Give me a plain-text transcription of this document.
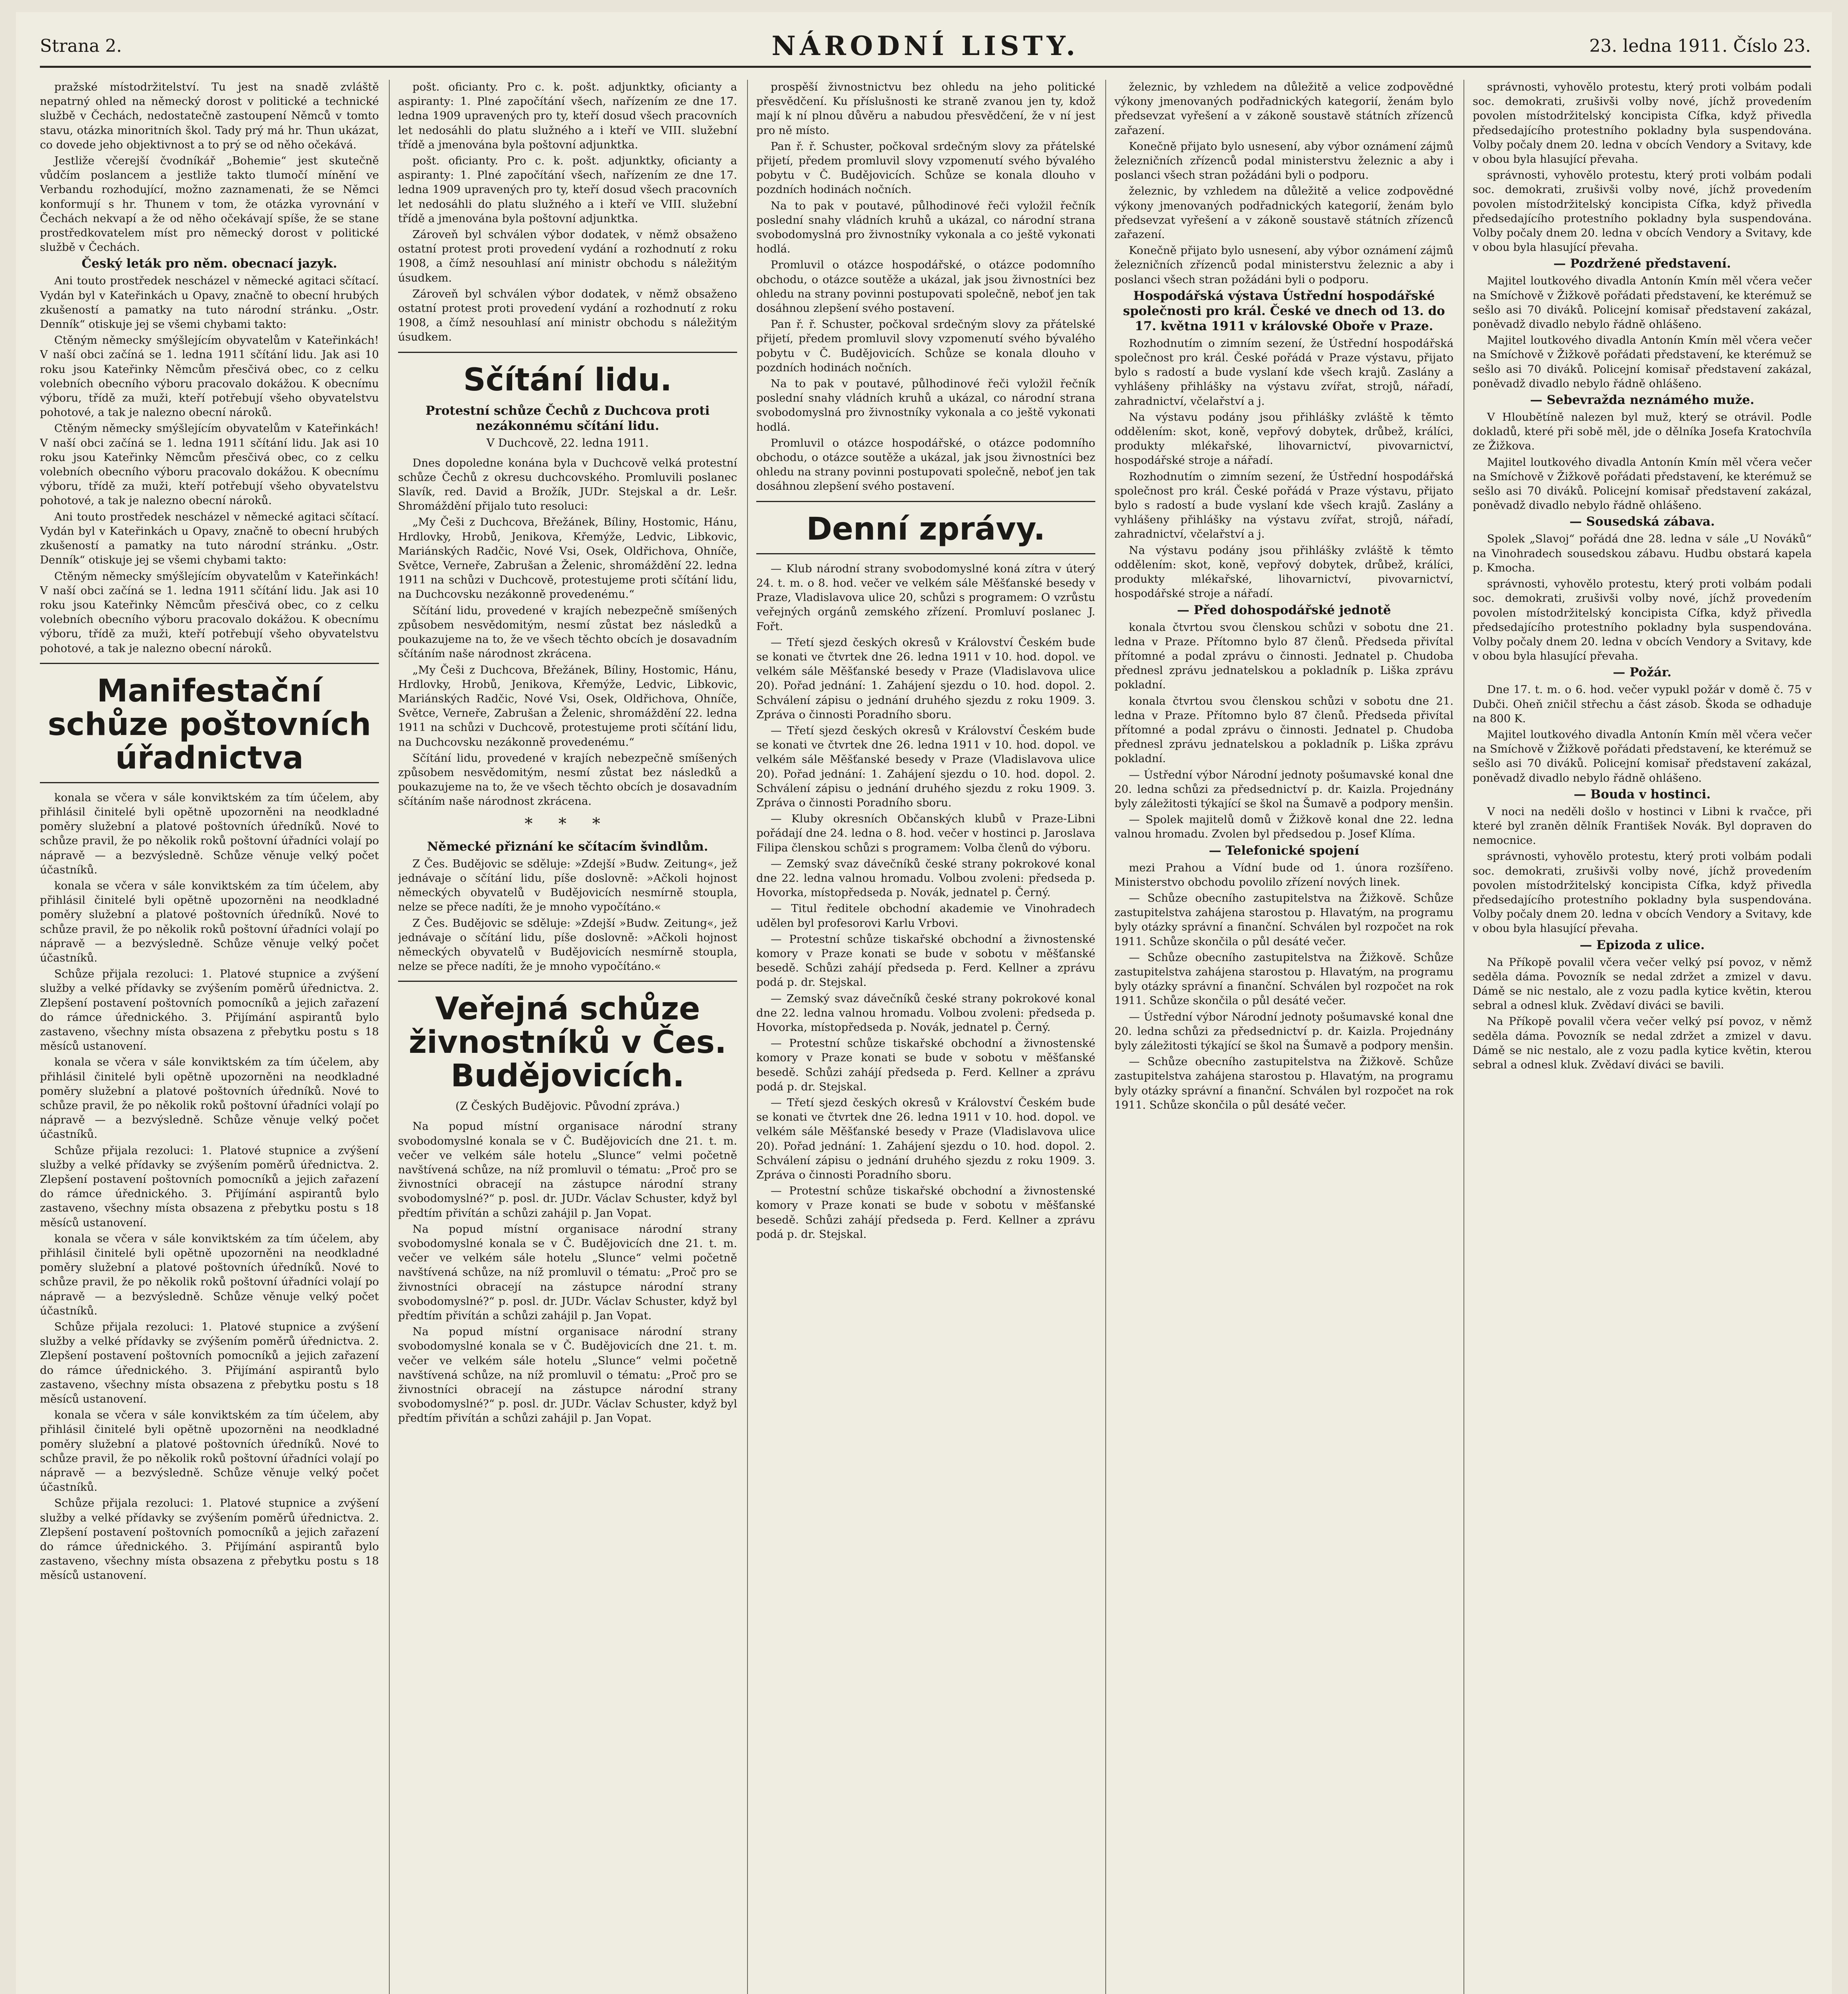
Strana 2.	NÁRODNÍ LISTY.	23. ledna 1911. Číslo 23.

pražské místodržitelství. Tu jest na snadě zvláště nepatrný ohled na německý dorost v politické a technické službě v Čechách, nedostatečně zastoupení Němců v tomto stavu, otázka minoritních škol. Tady prý má hr. Thun ukázat, co dovede jeho objektivnost a to prý se od něho očekává.

Jestliže včerejší čvodníkář „Bohemie“ jest skutečně vůdčím poslancem a jestliže takto tlumočí mínění ve Verbandu rozhodující, možno zaznamenati, že se Němci konformují s hr. Thunem v tom, že otázka vyrovnání v Čechách nekvapí a že od něho očekávají spíše, že se stane prostředkovatelem míst pro německý dorost v politické službě v Čechách.

Český leták pro něm. obecnací jazyk.

Ani touto prostředek nescházel v německé agitaci sčítací. Vydán byl v Kateřinkách u Opavy, značně to obecní hrubých zkušeností a pamatky na tuto národní stránku. „Ostr. Denník“ otiskuje jej se všemi chybami takto:

Ctěným německy smýšlejícím obyvatelům v Kateřinkách! V naší obci začíná se 1. ledna 1911 sčítání lidu. Jak asi 10 roku jsou Kateřinky Němcům přesčivá obec, co z celku volebních obecního výboru pracovalo dokážou. K obecnímu výboru, třídě za muži, kteří potřebují všeho obyvatelstvu pohotové, a tak je nalezno obecní nároků.

Ctěným německy smýšlejícím obyvatelům v Kateřinkách! V naší obci začíná se 1. ledna 1911 sčítání lidu. Jak asi 10 roku jsou Kateřinky Němcům přesčivá obec, co z celku volebních obecního výboru pracovalo dokážou. K obecnímu výboru, třídě za muži, kteří potřebují všeho obyvatelstvu pohotové, a tak je nalezno obecní nároků.

Ani touto prostředek nescházel v německé agitaci sčítací. Vydán byl v Kateřinkách u Opavy, značně to obecní hrubých zkušeností a pamatky na tuto národní stránku. „Ostr. Denník“ otiskuje jej se všemi chybami takto:

Ctěným německy smýšlejícím obyvatelům v Kateřinkách! V naší obci začíná se 1. ledna 1911 sčítání lidu. Jak asi 10 roku jsou Kateřinky Němcům přesčivá obec, co z celku volebních obecního výboru pracovalo dokážou. K obecnímu výboru, třídě za muži, kteří potřebují všeho obyvatelstvu pohotové, a tak je nalezno obecní nároků.

Manifestační schůze poštovních úřadnictva

konala se včera v sále konviktském za tím účelem, aby přihlásil činitelé byli opětně upozorněni na neodkladné poměry služební a platové poštovních úředníků. Nové to schůze pravil, že po několik roků poštovní úřadníci volají po nápravě — a bezvýsledně. Schůze věnuje velký počet účastníků.

konala se včera v sále konviktském za tím účelem, aby přihlásil činitelé byli opětně upozorněni na neodkladné poměry služební a platové poštovních úředníků. Nové to schůze pravil, že po několik roků poštovní úřadníci volají po nápravě — a bezvýsledně. Schůze věnuje velký počet účastníků.

Schůze přijala rezoluci: 1. Platové stupnice a zvýšení služby a velké přídavky se zvýšením poměrů úřednictva. 2. Zlepšení postavení poštovních pomocníků a jejich zařazení do rámce úřednického. 3. Přijímání aspirantů bylo zastaveno, všechny místa obsazena z přebytku postu s 18 měsíců ustanovení.

konala se včera v sále konviktském za tím účelem, aby přihlásil činitelé byli opětně upozorněni na neodkladné poměry služební a platové poštovních úředníků. Nové to schůze pravil, že po několik roků poštovní úřadníci volají po nápravě — a bezvýsledně. Schůze věnuje velký počet účastníků.

Schůze přijala rezoluci: 1. Platové stupnice a zvýšení služby a velké přídavky se zvýšením poměrů úřednictva. 2. Zlepšení postavení poštovních pomocníků a jejich zařazení do rámce úřednického. 3. Přijímání aspirantů bylo zastaveno, všechny místa obsazena z přebytku postu s 18 měsíců ustanovení.

konala se včera v sále konviktském za tím účelem, aby přihlásil činitelé byli opětně upozorněni na neodkladné poměry služební a platové poštovních úředníků. Nové to schůze pravil, že po několik roků poštovní úřadníci volají po nápravě — a bezvýsledně. Schůze věnuje velký počet účastníků.

Schůze přijala rezoluci: 1. Platové stupnice a zvýšení služby a velké přídavky se zvýšením poměrů úřednictva. 2. Zlepšení postavení poštovních pomocníků a jejich zařazení do rámce úřednického. 3. Přijímání aspirantů bylo zastaveno, všechny místa obsazena z přebytku postu s 18 měsíců ustanovení.

konala se včera v sále konviktském za tím účelem, aby přihlásil činitelé byli opětně upozorněni na neodkladné poměry služební a platové poštovních úředníků. Nové to schůze pravil, že po několik roků poštovní úřadníci volají po nápravě — a bezvýsledně. Schůze věnuje velký počet účastníků.

Schůze přijala rezoluci: 1. Platové stupnice a zvýšení služby a velké přídavky se zvýšením poměrů úřednictva. 2. Zlepšení postavení poštovních pomocníků a jejich zařazení do rámce úřednického. 3. Přijímání aspirantů bylo zastaveno, všechny místa obsazena z přebytku postu s 18 měsíců ustanovení.

pošt. oficianty. Pro c. k. pošt. adjunktky, oficianty a aspiranty: 1. Plné započítání všech, nařízením ze dne 17. ledna 1909 upravených pro ty, kteří dosud všech pracovních let nedosáhli do platu služného a i kteří ve VIII. služební třídě a jmenována byla poštovní adjunktka.

pošt. oficianty. Pro c. k. pošt. adjunktky, oficianty a aspiranty: 1. Plné započítání všech, nařízením ze dne 17. ledna 1909 upravených pro ty, kteří dosud všech pracovních let nedosáhli do platu služného a i kteří ve VIII. služební třídě a jmenována byla poštovní adjunktka.

Zároveň byl schválen výbor dodatek, v němž obsaženo ostatní protest proti provedení vydání a rozhodnutí z roku 1908, a čímž nesouhlasí aní ministr obchodu s náležitým úsudkem.

Zároveň byl schválen výbor dodatek, v němž obsaženo ostatní protest proti provedení vydání a rozhodnutí z roku 1908, a čímž nesouhlasí aní ministr obchodu s náležitým úsudkem.

Sčítání lidu.
Protestní schůze Čechů z Duchcova proti nezákonnému sčítání lidu.
V Duchcově, 22. ledna 1911.

Dnes dopoledne konána byla v Duchcově velká protestní schůze Čechů z okresu duchcovského. Promluvili poslanec Slavík, red. David a Brožík, JUDr. Stejskal a dr. Lešr. Shromáždění přijalo tuto resoluci:

„My Češi z Duchcova, Břežánek, Bíliny, Hostomic, Hánu, Hrdlovky, Hrobů, Jenikova, Křemýže, Ledvic, Libkovic, Mariánských Radčic, Nové Vsi, Osek, Oldřichova, Ohníče, Světce, Verneře, Zabrušan a Želenic, shromáždění 22. ledna 1911 na schůzi v Duchcově, protestujeme proti sčítání lidu, na Duchcovsku nezákonně provedenému.“

Sčítání lidu, provedené v krajích nebezpečně smíšených způsobem nesvědomitým, nesmí zůstat bez následků a poukazujeme na to, že ve všech těchto obcích je dosavadním sčítáním naše národnost zkrácena.

„My Češi z Duchcova, Břežánek, Bíliny, Hostomic, Hánu, Hrdlovky, Hrobů, Jenikova, Křemýže, Ledvic, Libkovic, Mariánských Radčic, Nové Vsi, Osek, Oldřichova, Ohníče, Světce, Verneře, Zabrušan a Želenic, shromáždění 22. ledna 1911 na schůzi v Duchcově, protestujeme proti sčítání lidu, na Duchcovsku nezákonně provedenému.“

Sčítání lidu, provedené v krajích nebezpečně smíšených způsobem nesvědomitým, nesmí zůstat bez následků a poukazujeme na to, že ve všech těchto obcích je dosavadním sčítáním naše národnost zkrácena.

* * *
Německé přiznání ke sčítacím švindlům.

Z Čes. Budějovic se sděluje: »Zdejší »Budw. Zeitung«, jež jednávaje o sčítání lidu, píše doslovně: »Ačkoli hojnost německých obyvatelů v Budějovicích nesmírně stoupla, nelze se přece nadíti, že je mnoho vypočítáno.«

Z Čes. Budějovic se sděluje: »Zdejší »Budw. Zeitung«, jež jednávaje o sčítání lidu, píše doslovně: »Ačkoli hojnost německých obyvatelů v Budějovicích nesmírně stoupla, nelze se přece nadíti, že je mnoho vypočítáno.«

Veřejná schůze živnostníků v Čes. Budějovicích.
(Z Českých Budějovic. Původní zpráva.)

Na popud místní organisace národní strany svobodomyslné konala se v Č. Budějovicích dne 21. t. m. večer ve velkém sále hotelu „Slunce“ velmi početně navštívená schůze, na níž promluvil o tématu: „Proč pro se živnostníci obracejí na zástupce národní strany svobodomyslné?“ p. posl. dr. JUDr. Václav Schuster, když byl předtím přivítán a schůzi zahájil p. Jan Vopat.

Na popud místní organisace národní strany svobodomyslné konala se v Č. Budějovicích dne 21. t. m. večer ve velkém sále hotelu „Slunce“ velmi početně navštívená schůze, na níž promluvil o tématu: „Proč pro se živnostníci obracejí na zástupce národní strany svobodomyslné?“ p. posl. dr. JUDr. Václav Schuster, když byl předtím přivítán a schůzi zahájil p. Jan Vopat.

Na popud místní organisace národní strany svobodomyslné konala se v Č. Budějovicích dne 21. t. m. večer ve velkém sále hotelu „Slunce“ velmi početně navštívená schůze, na níž promluvil o tématu: „Proč pro se živnostníci obracejí na zástupce národní strany svobodomyslné?“ p. posl. dr. JUDr. Václav Schuster, když byl předtím přivítán a schůzi zahájil p. Jan Vopat.

prospěší živnostnictvu bez ohledu na jeho politické přesvědčení. Ku příslušnosti ke straně zvanou jen ty, kdož mají k ní plnou důvěru a nabudou přesvědčení, že v ní jest pro ně místo.

Pan ř. ř. Schuster, počkoval srdečným slovy za přátelské přijetí, předem promluvil slovy vzpomenutí svého bývalého pobytu v Č. Budějovicích. Schůze se konala dlouho v pozdních hodinách nočních.

Na to pak v poutavé, půlhodinové řeči vyložil řečník poslední snahy vládních kruhů a ukázal, co národní strana svobodomyslná pro živnostníky vykonala a co ještě vykonati hodlá.

Promluvil o otázce hospodářské, o otázce podomního obchodu, o otázce soutěže a ukázal, jak jsou živnostníci bez ohledu na strany povinni postupovati společně, neboť jen tak dosáhnou zlepšení svého postavení.

Pan ř. ř. Schuster, počkoval srdečným slovy za přátelské přijetí, předem promluvil slovy vzpomenutí svého bývalého pobytu v Č. Budějovicích. Schůze se konala dlouho v pozdních hodinách nočních.

Na to pak v poutavé, půlhodinové řeči vyložil řečník poslední snahy vládních kruhů a ukázal, co národní strana svobodomyslná pro živnostníky vykonala a co ještě vykonati hodlá.

Promluvil o otázce hospodářské, o otázce podomního obchodu, o otázce soutěže a ukázal, jak jsou živnostníci bez ohledu na strany povinni postupovati společně, neboť jen tak dosáhnou zlepšení svého postavení.

Denní zprávy.

— Klub národní strany svobodomyslné koná zítra v úterý 24. t. m. o 8. hod. večer ve velkém sále Měšťanské besedy v Praze, Vladislavova ulice 20, schůzi s programem: O vzrůstu veřejných orgánů zemského zřízení. Promluví poslanec J. Fořt.

— Třetí sjezd českých okresů v Království Českém bude se konati ve čtvrtek dne 26. ledna 1911 v 10. hod. dopol. ve velkém sále Měšťanské besedy v Praze (Vladislavova ulice 20). Pořad jednání: 1. Zahájení sjezdu o 10. hod. dopol. 2. Schválení zápisu o jednání druhého sjezdu z roku 1909. 3. Zpráva o činnosti Poradního sboru.

— Třetí sjezd českých okresů v Království Českém bude se konati ve čtvrtek dne 26. ledna 1911 v 10. hod. dopol. ve velkém sále Měšťanské besedy v Praze (Vladislavova ulice 20). Pořad jednání: 1. Zahájení sjezdu o 10. hod. dopol. 2. Schválení zápisu o jednání druhého sjezdu z roku 1909. 3. Zpráva o činnosti Poradního sboru.

— Kluby okresních Občanských klubů v Praze-Libni pořádají dne 24. ledna o 8. hod. večer v hostinci p. Jaroslava Filipa členskou schůzi s programem: Volba členů do výboru.

— Zemský svaz dávečníků české strany pokrokové konal dne 22. ledna valnou hromadu. Volbou zvoleni: předseda p. Hovorka, místopředseda p. Novák, jednatel p. Černý.

— Titul ředitele obchodní akademie ve Vinohradech udělen byl profesorovi Karlu Vrbovi.

— Protestní schůze tiskařské obchodní a živnostenské komory v Praze konati se bude v sobotu v měšťanské besedě. Schůzi zahájí předseda p. Ferd. Kellner a zprávu podá p. dr. Stejskal.

— Zemský svaz dávečníků české strany pokrokové konal dne 22. ledna valnou hromadu. Volbou zvoleni: předseda p. Hovorka, místopředseda p. Novák, jednatel p. Černý.

— Protestní schůze tiskařské obchodní a živnostenské komory v Praze konati se bude v sobotu v měšťanské besedě. Schůzi zahájí předseda p. Ferd. Kellner a zprávu podá p. dr. Stejskal.

— Třetí sjezd českých okresů v Království Českém bude se konati ve čtvrtek dne 26. ledna 1911 v 10. hod. dopol. ve velkém sále Měšťanské besedy v Praze (Vladislavova ulice 20). Pořad jednání: 1. Zahájení sjezdu o 10. hod. dopol. 2. Schválení zápisu o jednání druhého sjezdu z roku 1909. 3. Zpráva o činnosti Poradního sboru.

— Protestní schůze tiskařské obchodní a živnostenské komory v Praze konati se bude v sobotu v měšťanské besedě. Schůzi zahájí předseda p. Ferd. Kellner a zprávu podá p. dr. Stejskal.

železnic, by vzhledem na důležitě a velice zodpovědné výkony jmenovaných podřadnických kategorií, ženám bylo předsevzat vyřešení a v zákoně soustavě státních zřízenců zařazení.

Konečně přijato bylo usnesení, aby výbor oznámení zájmů železničních zřízenců podal ministerstvu železnic a aby i poslanci všech stran požádáni byli o podporu.

železnic, by vzhledem na důležitě a velice zodpovědné výkony jmenovaných podřadnických kategorií, ženám bylo předsevzat vyřešení a v zákoně soustavě státních zřízenců zařazení.

Konečně přijato bylo usnesení, aby výbor oznámení zájmů železničních zřízenců podal ministerstvu železnic a aby i poslanci všech stran požádáni byli o podporu.

Hospodářská výstava Ústřední hospodářské společnosti pro král. České ve dnech od 13. do 17. května 1911 v královské Oboře v Praze.

Rozhodnutím o zimním sezení, že Ústřední hospodářská společnost pro král. České pořádá v Praze výstavu, přijato bylo s radostí a bude vyslaní kde všech krajů. Zaslány a vyhlášeny přihlášky na výstavu zvířat, strojů, nářadí, zahradnictví, včelařství a j.

Na výstavu podány jsou přihlášky zvláště k těmto oddělením: skot, koně, vepřový dobytek, drůbež, králíci, produkty mlékařské, lihovarnictví, pivovarnictví, hospodářské stroje a nářadí.

Rozhodnutím o zimním sezení, že Ústřední hospodářská společnost pro král. České pořádá v Praze výstavu, přijato bylo s radostí a bude vyslaní kde všech krajů. Zaslány a vyhlášeny přihlášky na výstavu zvířat, strojů, nářadí, zahradnictví, včelařství a j.

Na výstavu podány jsou přihlášky zvláště k těmto oddělením: skot, koně, vepřový dobytek, drůbež, králíci, produkty mlékařské, lihovarnictví, pivovarnictví, hospodářské stroje a nářadí.

— Před dohospodářské jednotě

konala čtvrtou svou členskou schůzi v sobotu dne 21. ledna v Praze. Přítomno bylo 87 členů. Předseda přivítal přítomné a podal zprávu o činnosti. Jednatel p. Chudoba přednesl zprávu jednatelskou a pokladník p. Liška zprávu pokladní.

konala čtvrtou svou členskou schůzi v sobotu dne 21. ledna v Praze. Přítomno bylo 87 členů. Předseda přivítal přítomné a podal zprávu o činnosti. Jednatel p. Chudoba přednesl zprávu jednatelskou a pokladník p. Liška zprávu pokladní.

— Ústřední výbor Národní jednoty pošumavské konal dne 20. ledna schůzi za předsednictví p. dr. Kaizla. Projednány byly záležitosti týkající se škol na Šumavě a podpory menšin.

— Spolek majitelů domů v Žižkově konal dne 22. ledna valnou hromadu. Zvolen byl předsedou p. Josef Klíma.

— Telefonické spojení

mezi Prahou a Vídní bude od 1. února rozšířeno. Ministerstvo obchodu povolilo zřízení nových linek.

— Schůze obecního zastupitelstva na Žižkově. Schůze zastupitelstva zahájena starostou p. Hlavatým, na programu byly otázky správní a finanční. Schválen byl rozpočet na rok 1911. Schůze skončila o půl desáté večer.

— Schůze obecního zastupitelstva na Žižkově. Schůze zastupitelstva zahájena starostou p. Hlavatým, na programu byly otázky správní a finanční. Schválen byl rozpočet na rok 1911. Schůze skončila o půl desáté večer.

— Ústřední výbor Národní jednoty pošumavské konal dne 20. ledna schůzi za předsednictví p. dr. Kaizla. Projednány byly záležitosti týkající se škol na Šumavě a podpory menšin.

— Schůze obecního zastupitelstva na Žižkově. Schůze zastupitelstva zahájena starostou p. Hlavatým, na programu byly otázky správní a finanční. Schválen byl rozpočet na rok 1911. Schůze skončila o půl desáté večer.

správnosti, vyhovělo protestu, který proti volbám podali soc. demokrati, zrušivši volby nové, jíchž provedením povolen místodržitelský koncipista Cífka, když přivedla předsedajícího protestního pokladny byla suspendována. Volby počaly dnem 20. ledna v obcích Vendory a Svitavy, kde v obou byla hlasující převaha.

správnosti, vyhovělo protestu, který proti volbám podali soc. demokrati, zrušivši volby nové, jíchž provedením povolen místodržitelský koncipista Cífka, když přivedla předsedajícího protestního pokladny byla suspendována. Volby počaly dnem 20. ledna v obcích Vendory a Svitavy, kde v obou byla hlasující převaha.

— Pozdržené představení.

Majitel loutkového divadla Antonín Kmín měl včera večer na Smíchově v Žižkově pořádati představení, ke kterémuž se sešlo asi 70 diváků. Policejní komisař představení zakázal, poněvadž divadlo nebylo řádně ohlášeno.

Majitel loutkového divadla Antonín Kmín měl včera večer na Smíchově v Žižkově pořádati představení, ke kterémuž se sešlo asi 70 diváků. Policejní komisař představení zakázal, poněvadž divadlo nebylo řádně ohlášeno.

— Sebevražda neznámého muže.

V Hloubětíně nalezen byl muž, který se otrávil. Podle dokladů, které při sobě měl, jde o dělníka Josefa Kratochvíla ze Žižkova.

Majitel loutkového divadla Antonín Kmín měl včera večer na Smíchově v Žižkově pořádati představení, ke kterémuž se sešlo asi 70 diváků. Policejní komisař představení zakázal, poněvadž divadlo nebylo řádně ohlášeno.

— Sousedská zábava.

Spolek „Slavoj“ pořádá dne 28. ledna v sále „U Nováků“ na Vinohradech sousedskou zábavu. Hudbu obstará kapela p. Kmocha.

správnosti, vyhovělo protestu, který proti volbám podali soc. demokrati, zrušivši volby nové, jíchž provedením povolen místodržitelský koncipista Cífka, když přivedla předsedajícího protestního pokladny byla suspendována. Volby počaly dnem 20. ledna v obcích Vendory a Svitavy, kde v obou byla hlasující převaha.

— Požár.

Dne 17. t. m. o 6. hod. večer vypukl požár v domě č. 75 v Dubči. Oheň zničil střechu a část zásob. Škoda se odhaduje na 800 K.

Majitel loutkového divadla Antonín Kmín měl včera večer na Smíchově v Žižkově pořádati představení, ke kterémuž se sešlo asi 70 diváků. Policejní komisař představení zakázal, poněvadž divadlo nebylo řádně ohlášeno.

— Bouda v hostinci.

V noci na neděli došlo v hostinci v Libni k rvačce, při které byl zraněn dělník František Novák. Byl dopraven do nemocnice.

správnosti, vyhovělo protestu, který proti volbám podali soc. demokrati, zrušivši volby nové, jíchž provedením povolen místodržitelský koncipista Cífka, když přivedla předsedajícího protestního pokladny byla suspendována. Volby počaly dnem 20. ledna v obcích Vendory a Svitavy, kde v obou byla hlasující převaha.

— Epizoda z ulice.

Na Příkopě povalil včera večer velký psí povoz, v němž seděla dáma. Povozník se nedal zdržet a zmizel v davu. Dámě se nic nestalo, ale z vozu padla kytice květin, kterou sebral a odnesl kluk. Zvědaví diváci se bavili.

Na Příkopě povalil včera večer velký psí povoz, v němž seděla dáma. Povozník se nedal zdržet a zmizel v davu. Dámě se nic nestalo, ale z vozu padla kytice květin, kterou sebral a odnesl kluk. Zvědaví diváci se bavili.
